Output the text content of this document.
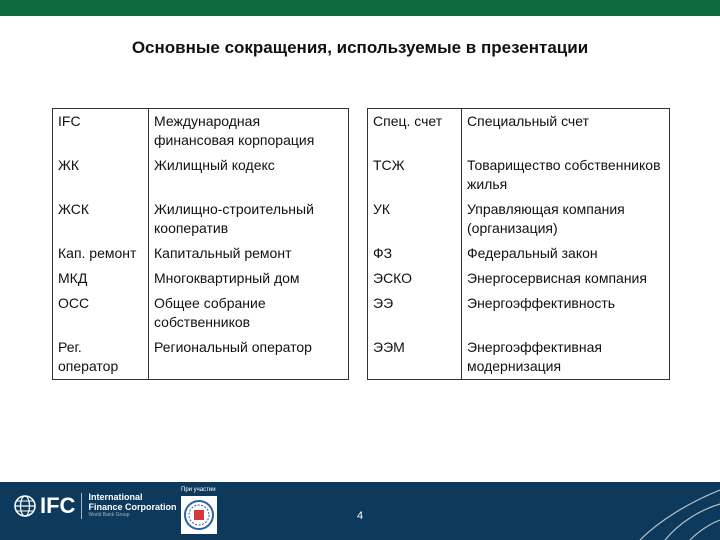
Основные сокращения, используемые в презентации
IFC	Международная финансовая корпорация		Спец. счет	Специальный счет
ЖК	Жилищный кодекс		ТСЖ	Товарищество собственников жилья
ЖСК	Жилищно-строительный кооператив		УК	Управляющая компания (организация)
Кап. ремонт	Капитальный ремонт		ФЗ	Федеральный закон
МКД	Многоквартирный дом		ЭСКО	Энергосервисная компания
ОСС	Общее собрание собственников		ЭЭ	Энергоэффективность
Рег. оператор	Региональный оператор		ЭЭМ	Энергоэффективная модернизация
IFC International
Finance Corporation
World Bank Group
При участии
4
